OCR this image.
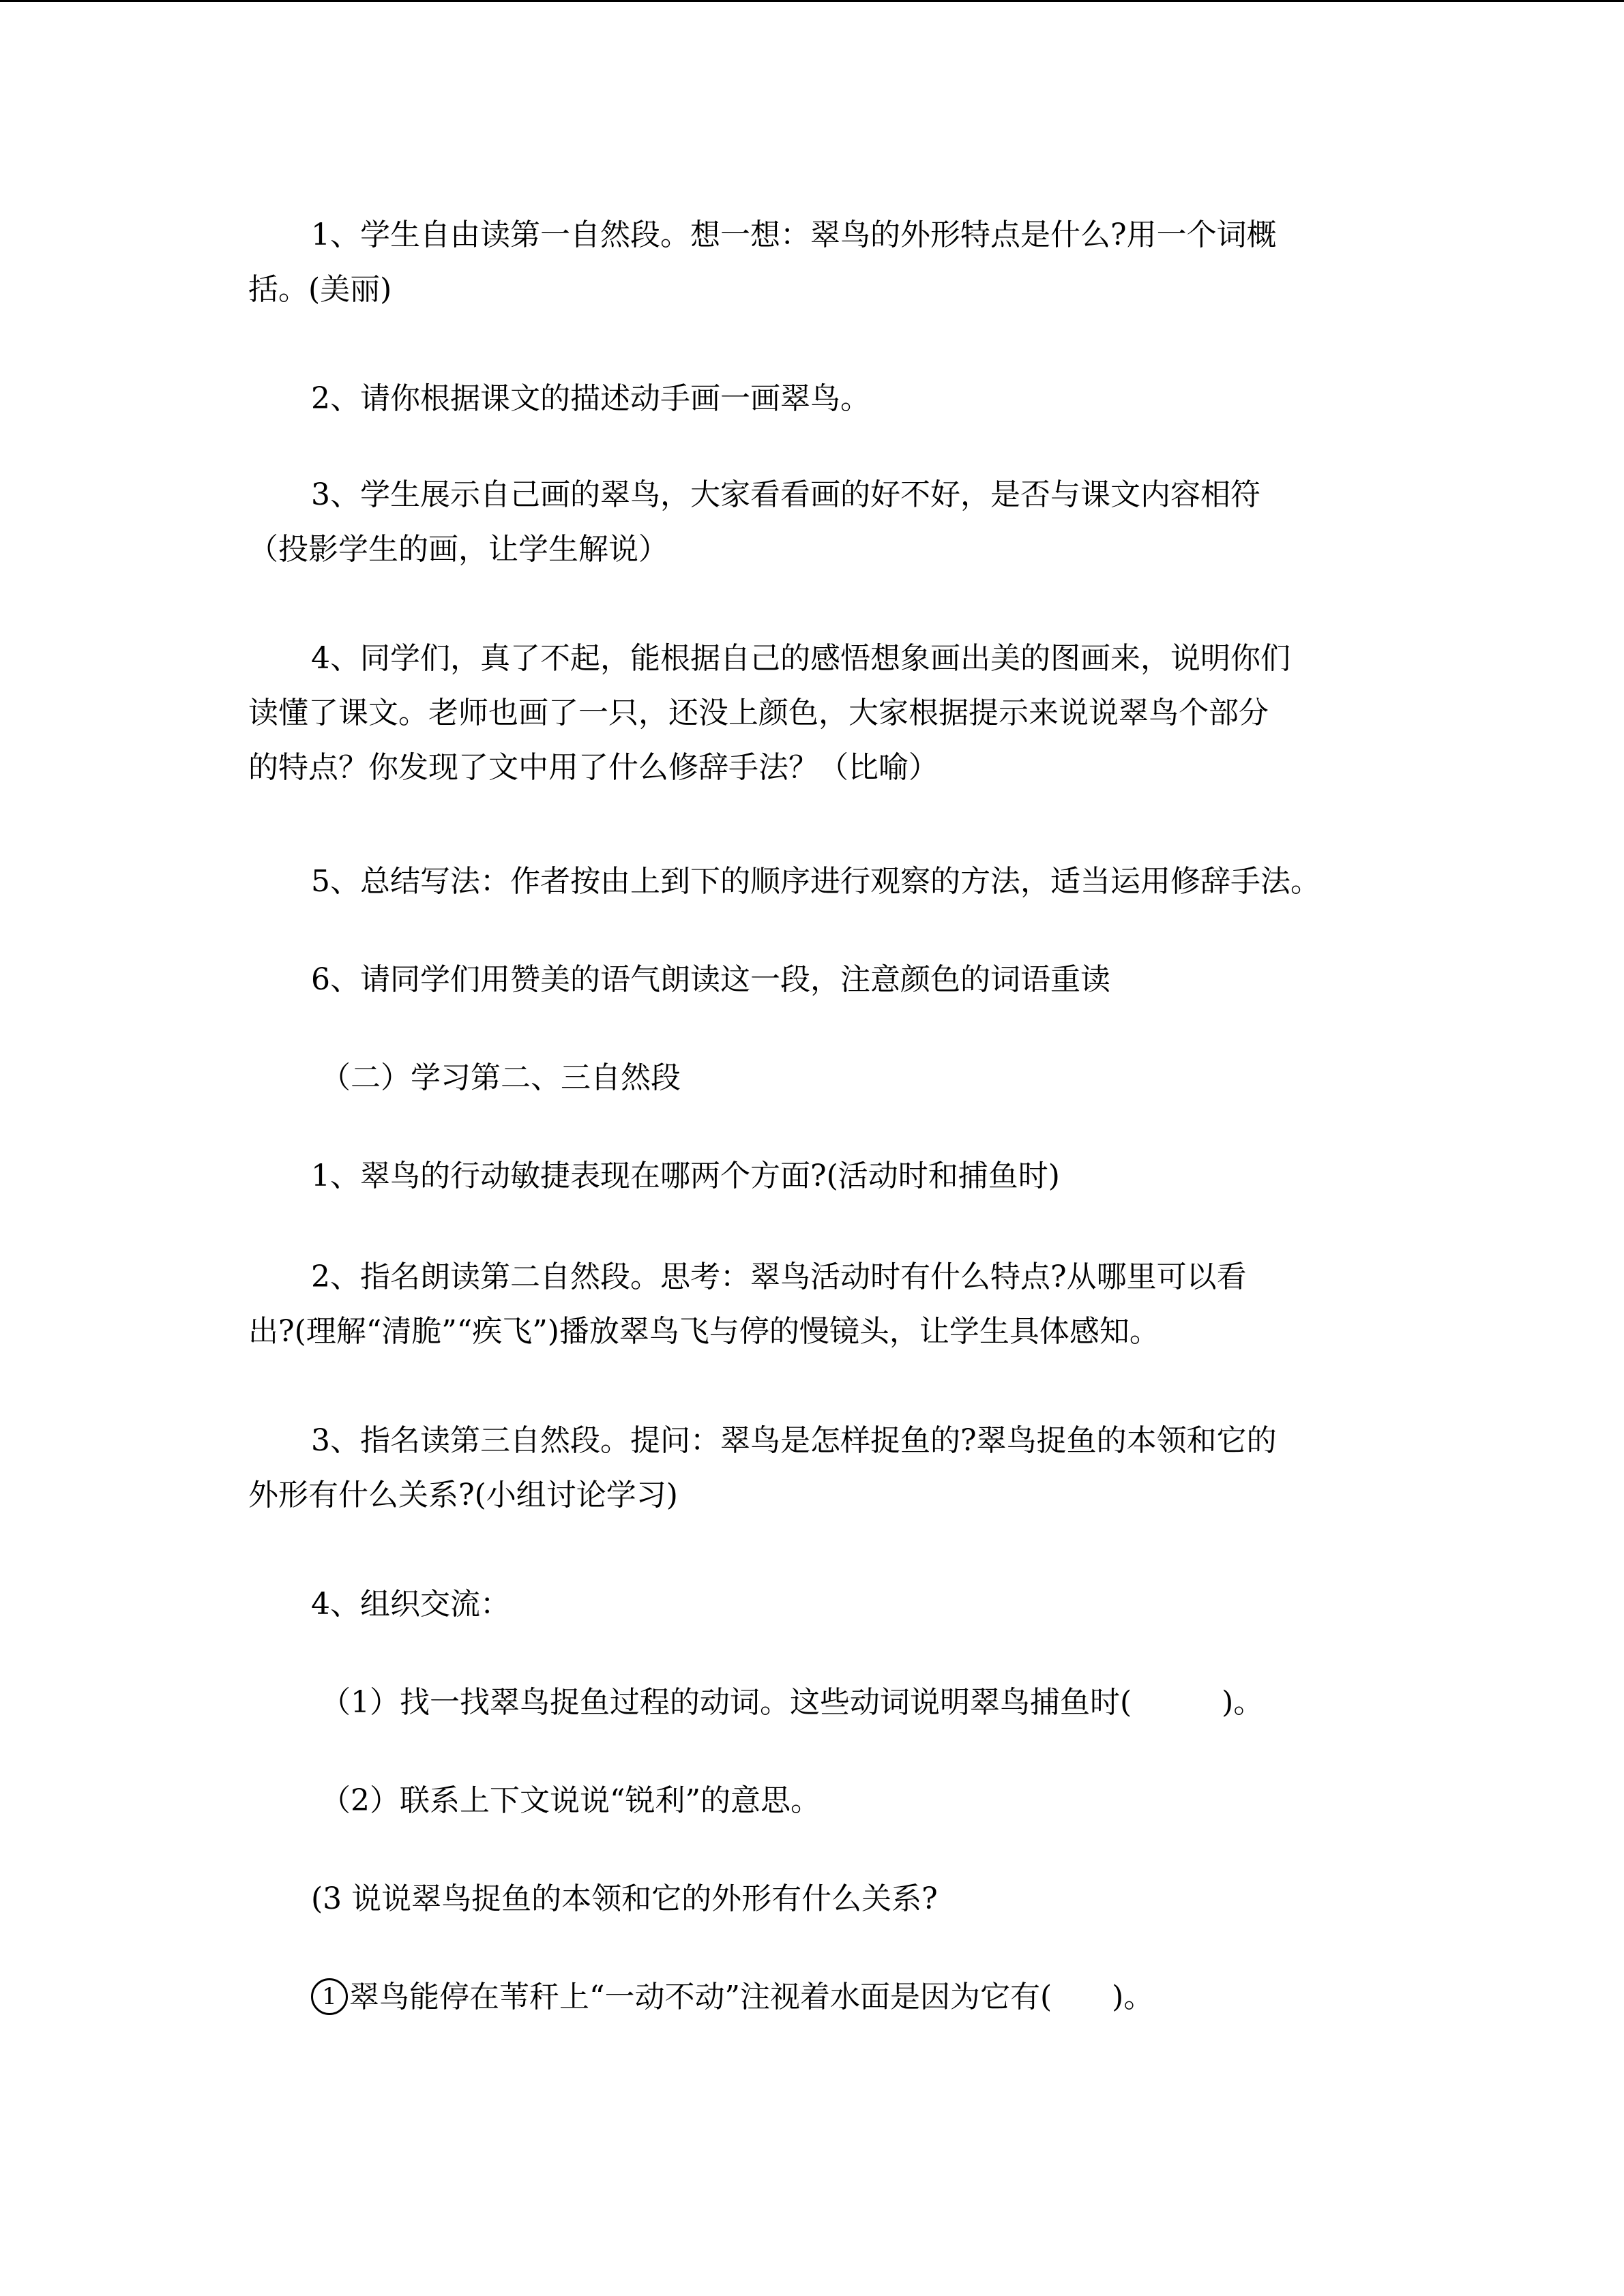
1、学生自由读第一自然段。想一想：翠鸟的外形特点是什么?用一个词概
括。(美丽)

2、请你根据课文的描述动手画一画翠鸟。

3、学生展示自己画的翠鸟，大家看看画的好不好，是否与课文内容相符
（投影学生的画，让学生解说）

4、同学们，真了不起，能根据自己的感悟想象画出美的图画来，说明你们
读懂了课文。老师也画了一只，还没上颜色，大家根据提示来说说翠鸟个部分
的特点？你发现了文中用了什么修辞手法？（比喻）

5、总结写法：作者按由上到下的顺序进行观察的方法，适当运用修辞手法。

6、请同学们用赞美的语气朗读这一段，注意颜色的词语重读

（二）学习第二、三自然段

1、翠鸟的行动敏捷表现在哪两个方面?(活动时和捕鱼时)

2、指名朗读第二自然段。思考：翠鸟活动时有什么特点?从哪里可以看
出?(理解“清脆”“疾飞”)播放翠鸟飞与停的慢镜头，让学生具体感知。

3、指名读第三自然段。提问：翠鸟是怎样捉鱼的?翠鸟捉鱼的本领和它的
外形有什么关系?(小组讨论学习)

4、组织交流：

（1）找一找翠鸟捉鱼过程的动词。这些动词说明翠鸟捕鱼时(　　　)。

（2）联系上下文说说“锐利”的意思。

(3 说说翠鸟捉鱼的本领和它的外形有什么关系?

1 翠鸟能停在苇秆上“一动不动”注视着水面是因为它有(　　)。
